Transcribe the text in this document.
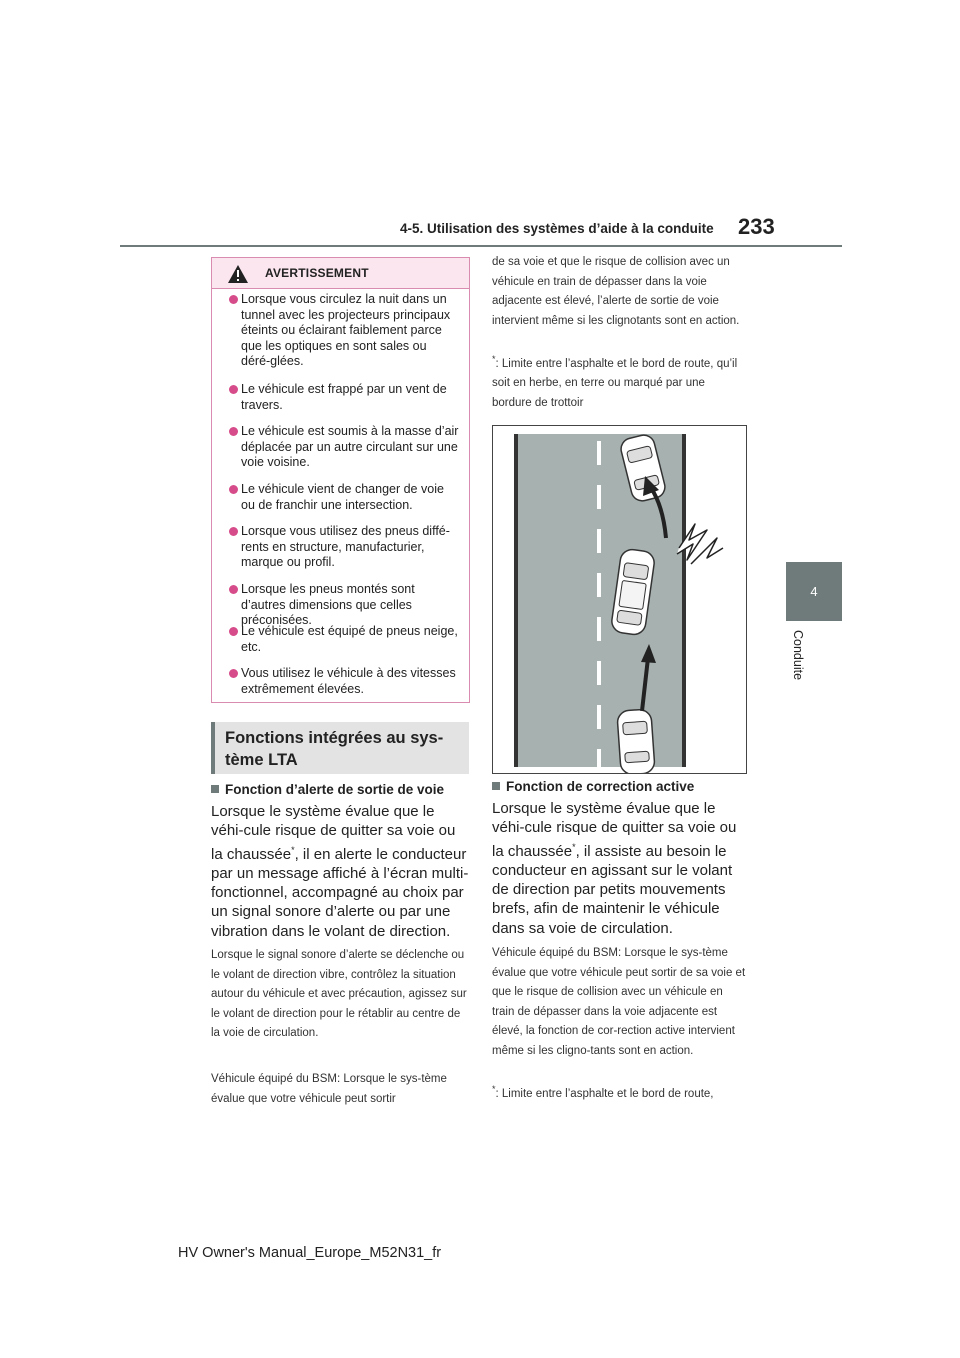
4-5. Utilisation des systèmes d’aide à la conduite 233
4
Conduite
AVERTISSEMENT
Lorsque vous circulez la nuit dans un tunnel avec les projecteurs principaux éteints ou éclairant faiblement parce que les optiques en sont sales ou déré-glées.
Le véhicule est frappé par un vent de travers.
Le véhicule est soumis à la masse d’air déplacée par un autre circulant sur une voie voisine.
Le véhicule vient de changer de voie ou de franchir une intersection.
Lorsque vous utilisez des pneus diffé-rents en structure, manufacturier, marque ou profil.
Lorsque les pneus montés sont d’autres dimensions que celles préconisées.
Le véhicule est équipé de pneus neige, etc.
Vous utilisez le véhicule à des vitesses extrêmement élevées.
Fonctions intégrées au sys-tème LTA
Fonction d’alerte de sortie de voie
Lorsque le système évalue que le véhi-cule risque de quitter sa voie ou la chaussée*, il en alerte le conducteur par un message affiché à l’écran multi-fonctionnel, accompagné au choix par un signal sonore d’alerte ou par une vibration dans le volant de direction.
Lorsque le signal sonore d’alerte se déclenche ou le volant de direction vibre, contrôlez la situation autour du véhicule et avec précaution, agissez sur le volant de direction pour le rétablir au centre de la voie de circulation.
Véhicule équipé du BSM: Lorsque le sys-tème évalue que votre véhicule peut sortir
de sa voie et que le risque de collision avec un véhicule en train de dépasser dans la voie adjacente est élevé, l’alerte de sortie de voie intervient même si les clignotants sont en action.
*: Limite entre l’asphalte et le bord de route, qu’il soit en herbe, en terre ou marqué par une bordure de trottoir
Fonction de correction active
Lorsque le système évalue que le véhi-cule risque de quitter sa voie ou la chaussée*, il assiste au besoin le conducteur en agissant sur le volant de direction par petits mouvements brefs, afin de maintenir le véhicule dans sa voie de circulation.
Véhicule équipé du BSM: Lorsque le sys-tème évalue que votre véhicule peut sortir de sa voie et que le risque de collision avec un véhicule en train de dépasser dans la voie adjacente est élevé, la fonction de cor-rection active intervient même si les cligno-tants sont en action.
*: Limite entre l’asphalte et le bord de route,
HV Owner's Manual_Europe_M52N31_fr
